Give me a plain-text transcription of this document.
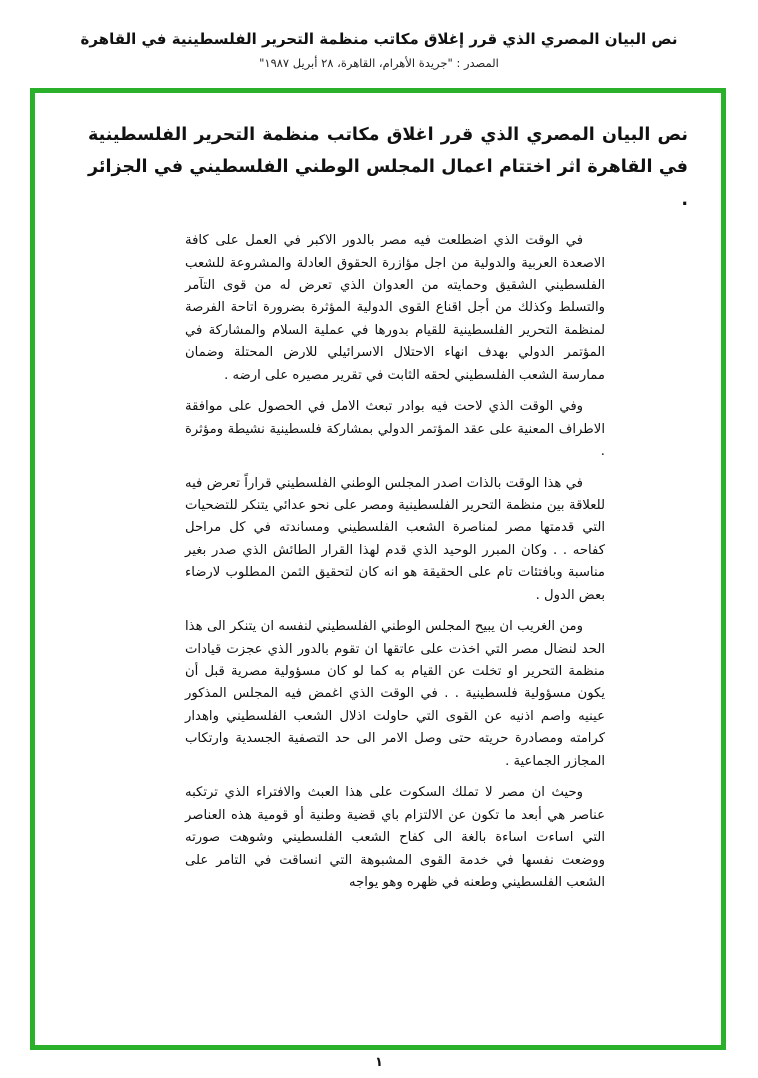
نص البيان المصري الذي قرر إغلاق مكاتب منظمة التحرير الفلسطينية في القاهرة
المصدر : "جريدة الأهرام، القاهرة، ٢٨ أبريل ١٩٨٧"
نص البيان المصري الذي قرر اغلاق مكاتب منظمة التحرير الفلسطينية في القاهرة اثر اختتام اعمال المجلس الوطني الفلسطيني في الجزائر .

في الوقت الذي اضطلعت فيه مصر بالدور الاكبر في العمل على كافة الاصعدة العربية والدولية من اجل مؤازرة الحقوق العادلة والمشروعة للشعب الفلسطيني الشقيق وحمايته من العدوان الذي تعرض له من قوى التآمر والتسلط وكذلك من أجل اقناع القوى الدولية المؤثرة بضرورة اتاحة الفرصة لمنظمة التحرير الفلسطينية للقيام بدورها في عملية السلام والمشاركة في المؤتمر الدولي بهدف انهاء الاحتلال الاسرائيلي للارض المحتلة وضمان ممارسة الشعب الفلسطيني لحقه الثابت في تقرير مصيره على ارضه .

وفي الوقت الذي لاحت فيه بوادر تبعث الامل في الحصول على موافقة الاطراف المعنية على عقد المؤتمر الدولي بمشاركة فلسطينية نشيطة ومؤثرة .

في هذا الوقت بالذات اصدر المجلس الوطني الفلسطيني قراراً تعرض فيه للعلاقة بين منظمة التحرير الفلسطينية ومصر على نحو عدائي يتنكر للتضحيات التي قدمتها مصر لمناصرة الشعب الفلسطيني ومساندته في كل مراحل كفاحه . . وكان المبرر الوحيد الذي قدم لهذا القرار الطائش الذي صدر بغير مناسبة وبافتئات تام على الحقيقة هو انه كان لتحقيق الثمن المطلوب لارضاء بعض الدول .

ومن الغريب ان يبيح المجلس الوطني الفلسطيني لنفسه ان يتنكر الى هذا الحد لنضال مصر التي اخذت على عاتقها ان تقوم بالدور الذي عجزت قيادات منظمة التحرير او تخلت عن القيام به كما لو كان مسؤولية مصرية قبل أن يكون مسؤولية فلسطينية . . في الوقت الذي اغمض فيه المجلس المذكور عينيه واصم اذنيه عن القوى التي حاولت اذلال الشعب الفلسطيني واهدار كرامته ومصادرة حريته حتى وصل الامر الى حد التصفية الجسدية وارتكاب المجازر الجماعية .

وحيث ان مصر لا تملك السكوت على هذا العبث والافتراء الذي ترتكبه عناصر هي أبعد ما تكون عن الالتزام باي قضية وطنية أو قومية هذه العناصر التي اساءت اساءة بالغة الى كفاح الشعب الفلسطيني وشوهت صورته ووضعت نفسها في خدمة القوى المشبوهة التي انساقت في التامر على الشعب الفلسطيني وطعنه في ظهره وهو يواجه

١
